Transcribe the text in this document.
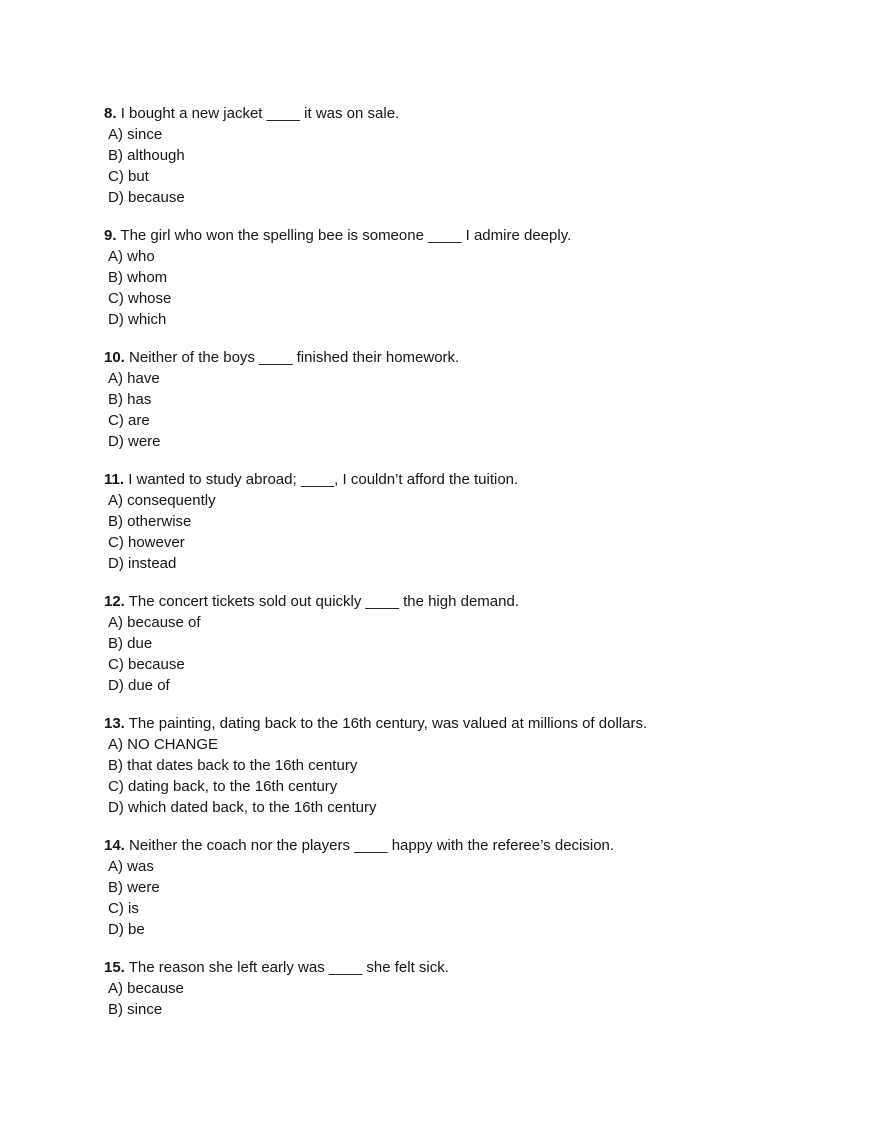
8. I bought a new jacket ____ it was on sale.

A) since

B) although

C) but

D) because

9. The girl who won the spelling bee is someone ____ I admire deeply.

A) who

B) whom

C) whose

D) which

10. Neither of the boys ____ finished their homework.

A) have

B) has

C) are

D) were

11. I wanted to study abroad; ____, I couldn’t afford the tuition.

A) consequently

B) otherwise

C) however

D) instead

12. The concert tickets sold out quickly ____ the high demand.

A) because of

B) due

C) because

D) due of

13. The painting, dating back to the 16th century, was valued at millions of dollars.

A) NO CHANGE

B) that dates back to the 16th century

C) dating back, to the 16th century

D) which dated back, to the 16th century

14. Neither the coach nor the players ____ happy with the referee’s decision.

A) was

B) were

C) is

D) be

15. The reason she left early was ____ she felt sick.

A) because

B) since
